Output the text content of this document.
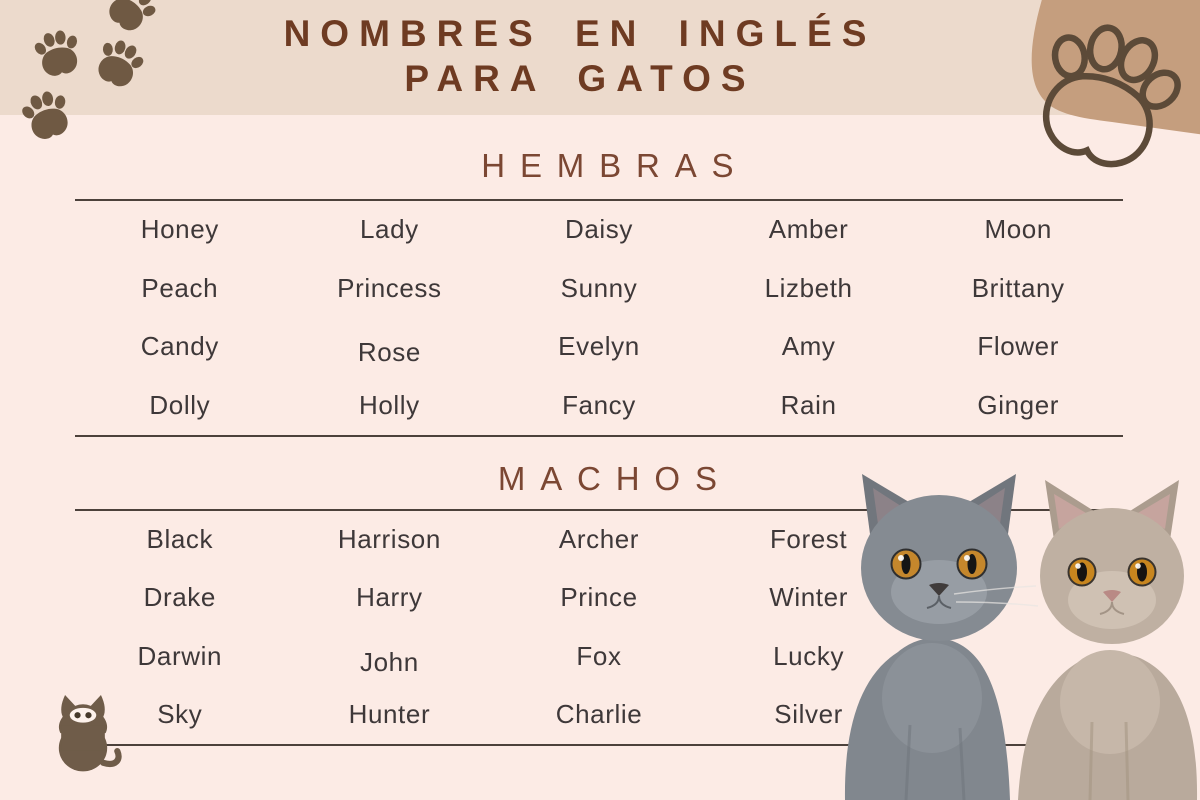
NOMBRES EN INGLÉS
PARA GATOS
HEMBRAS
Honey	Lady	Daisy	Amber	Moon
Peach	Princess	Sunny	Lizbeth	Brittany
Candy	Rose	Evelyn	Amy	Flower
Dolly	Holly	Fancy	Rain	Ginger
MACHOS
Black	Harrison	Archer	Forest
Drake	Harry	Prince	Winter
Darwin	John	Fox	Lucky
Sky	Hunter	Charlie	Silver
